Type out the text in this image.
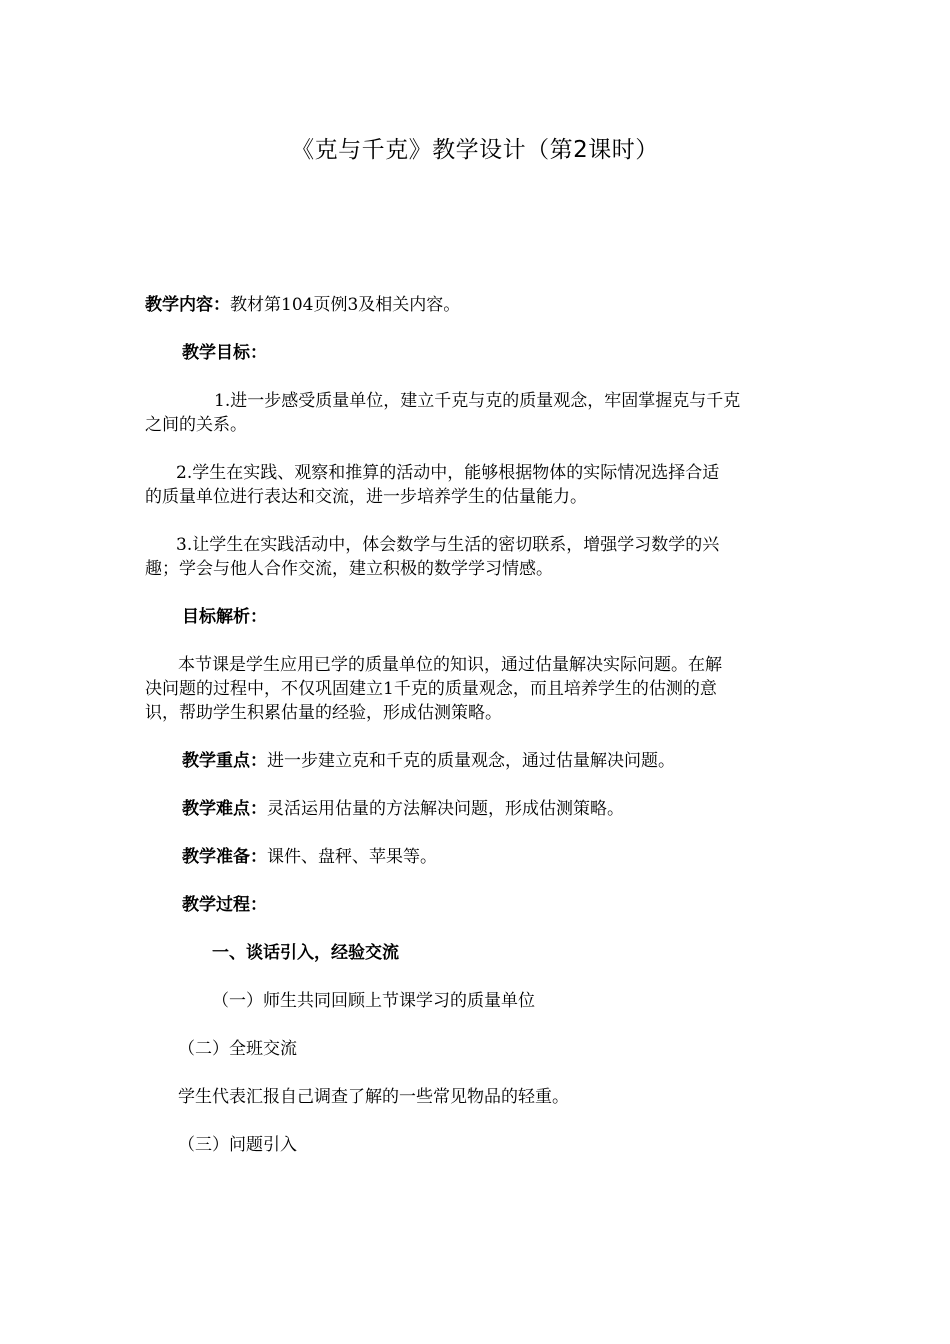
《克与千克》教学设计（第2课时）
教学内容：教材第104页例3及相关内容。
教学目标：
1.进一步感受质量单位，建立千克与克的质量观念，牢固掌握克与千克
之间的关系。
2.学生在实践、观察和推算的活动中，能够根据物体的实际情况选择合适
的质量单位进行表达和交流，进一步培养学生的估量能力。
3.让学生在实践活动中，体会数学与生活的密切联系，增强学习数学的兴
趣；学会与他人合作交流，建立积极的数学学习情感。
目标解析：
本节课是学生应用已学的质量单位的知识，通过估量解决实际问题。在解
决问题的过程中，不仅巩固建立1千克的质量观念，而且培养学生的估测的意
识，帮助学生积累估量的经验，形成估测策略。
教学重点：进一步建立克和千克的质量观念，通过估量解决问题。
教学难点：灵活运用估量的方法解决问题，形成估测策略。
教学准备：课件、盘秤、苹果等。
教学过程：
一、谈话引入，经验交流
（一）师生共同回顾上节课学习的质量单位
（二）全班交流
学生代表汇报自己调查了解的一些常见物品的轻重。
（三）问题引入
